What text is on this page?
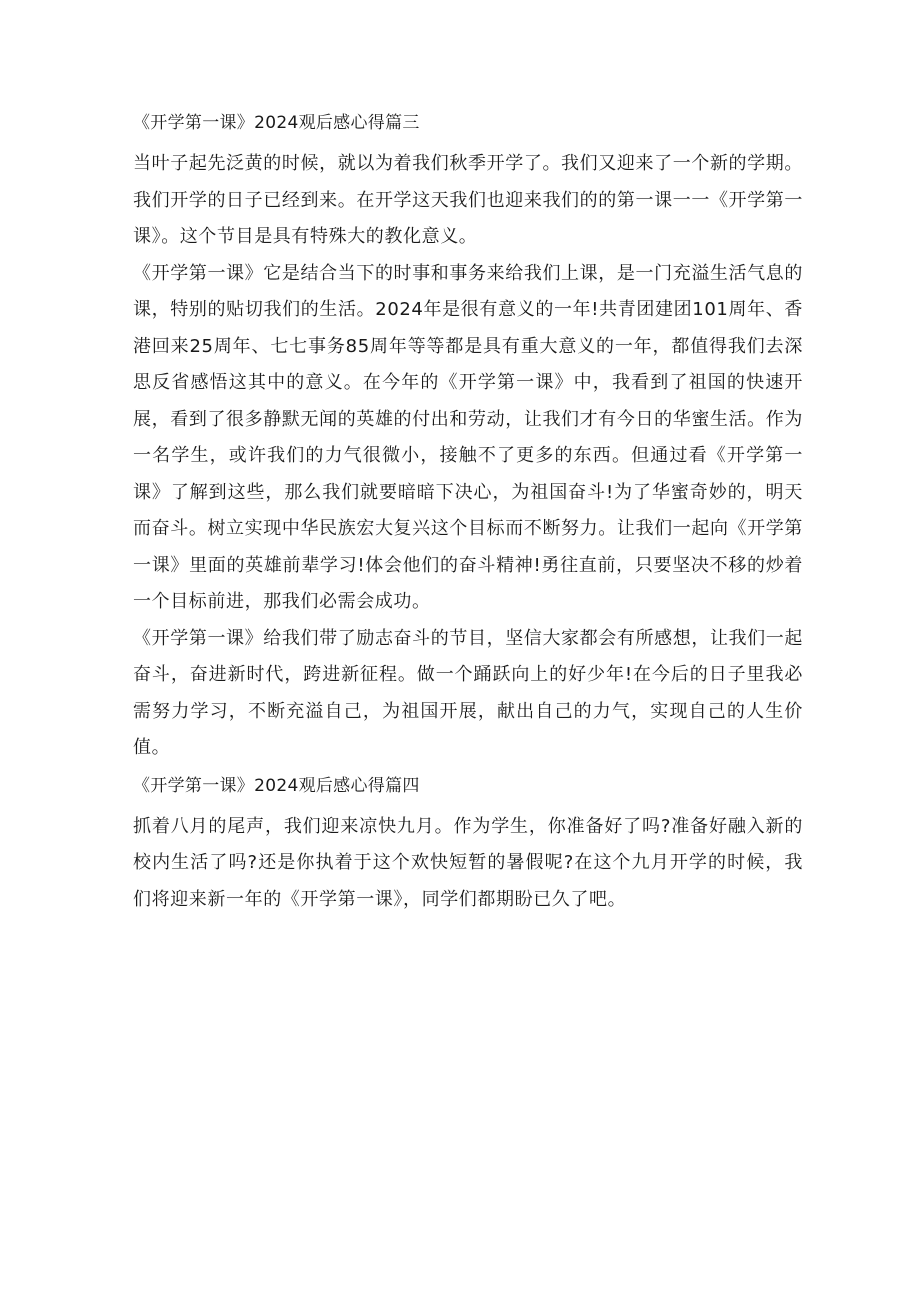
《开学第一课》2024观后感心得篇三

当叶子起先泛黄的时候，就以为着我们秋季开学了。我们又迎来了一个新的学期。我们开学的日子已经到来。在开学这天我们也迎来我们的的第一课一一《开学第一课》。这个节目是具有特殊大的教化意义。

《开学第一课》它是结合当下的时事和事务来给我们上课，是一门充溢生活气息的课，特别的贴切我们的生活。2024年是很有意义的一年!共青团建团101周年、香港回来25周年、七七事务85周年等等都是具有重大意义的一年，都值得我们去深思反省感悟这其中的意义。在今年的《开学第一课》中，我看到了祖国的快速开展，看到了很多静默无闻的英雄的付出和劳动，让我们才有今日的华蜜生活。作为一名学生，或许我们的力气很微小，接触不了更多的东西。但通过看《开学第一课》了解到这些，那么我们就要暗暗下决心，为祖国奋斗!为了华蜜奇妙的，明天而奋斗。树立实现中华民族宏大复兴这个目标而不断努力。让我们一起向《开学第一课》里面的英雄前辈学习!体会他们的奋斗精神!勇往直前，只要坚决不移的炒着一个目标前进，那我们必需会成功。

《开学第一课》给我们带了励志奋斗的节目，坚信大家都会有所感想，让我们一起奋斗，奋进新时代，跨进新征程。做一个踊跃向上的好少年!在今后的日子里我必需努力学习，不断充溢自己，为祖国开展，献出自己的力气，实现自己的人生价值。

《开学第一课》2024观后感心得篇四

抓着八月的尾声，我们迎来凉快九月。作为学生，你准备好了吗?准备好融入新的校内生活了吗?还是你执着于这个欢快短暂的暑假呢?在这个九月开学的时候，我们将迎来新一年的《开学第一课》，同学们都期盼已久了吧。
